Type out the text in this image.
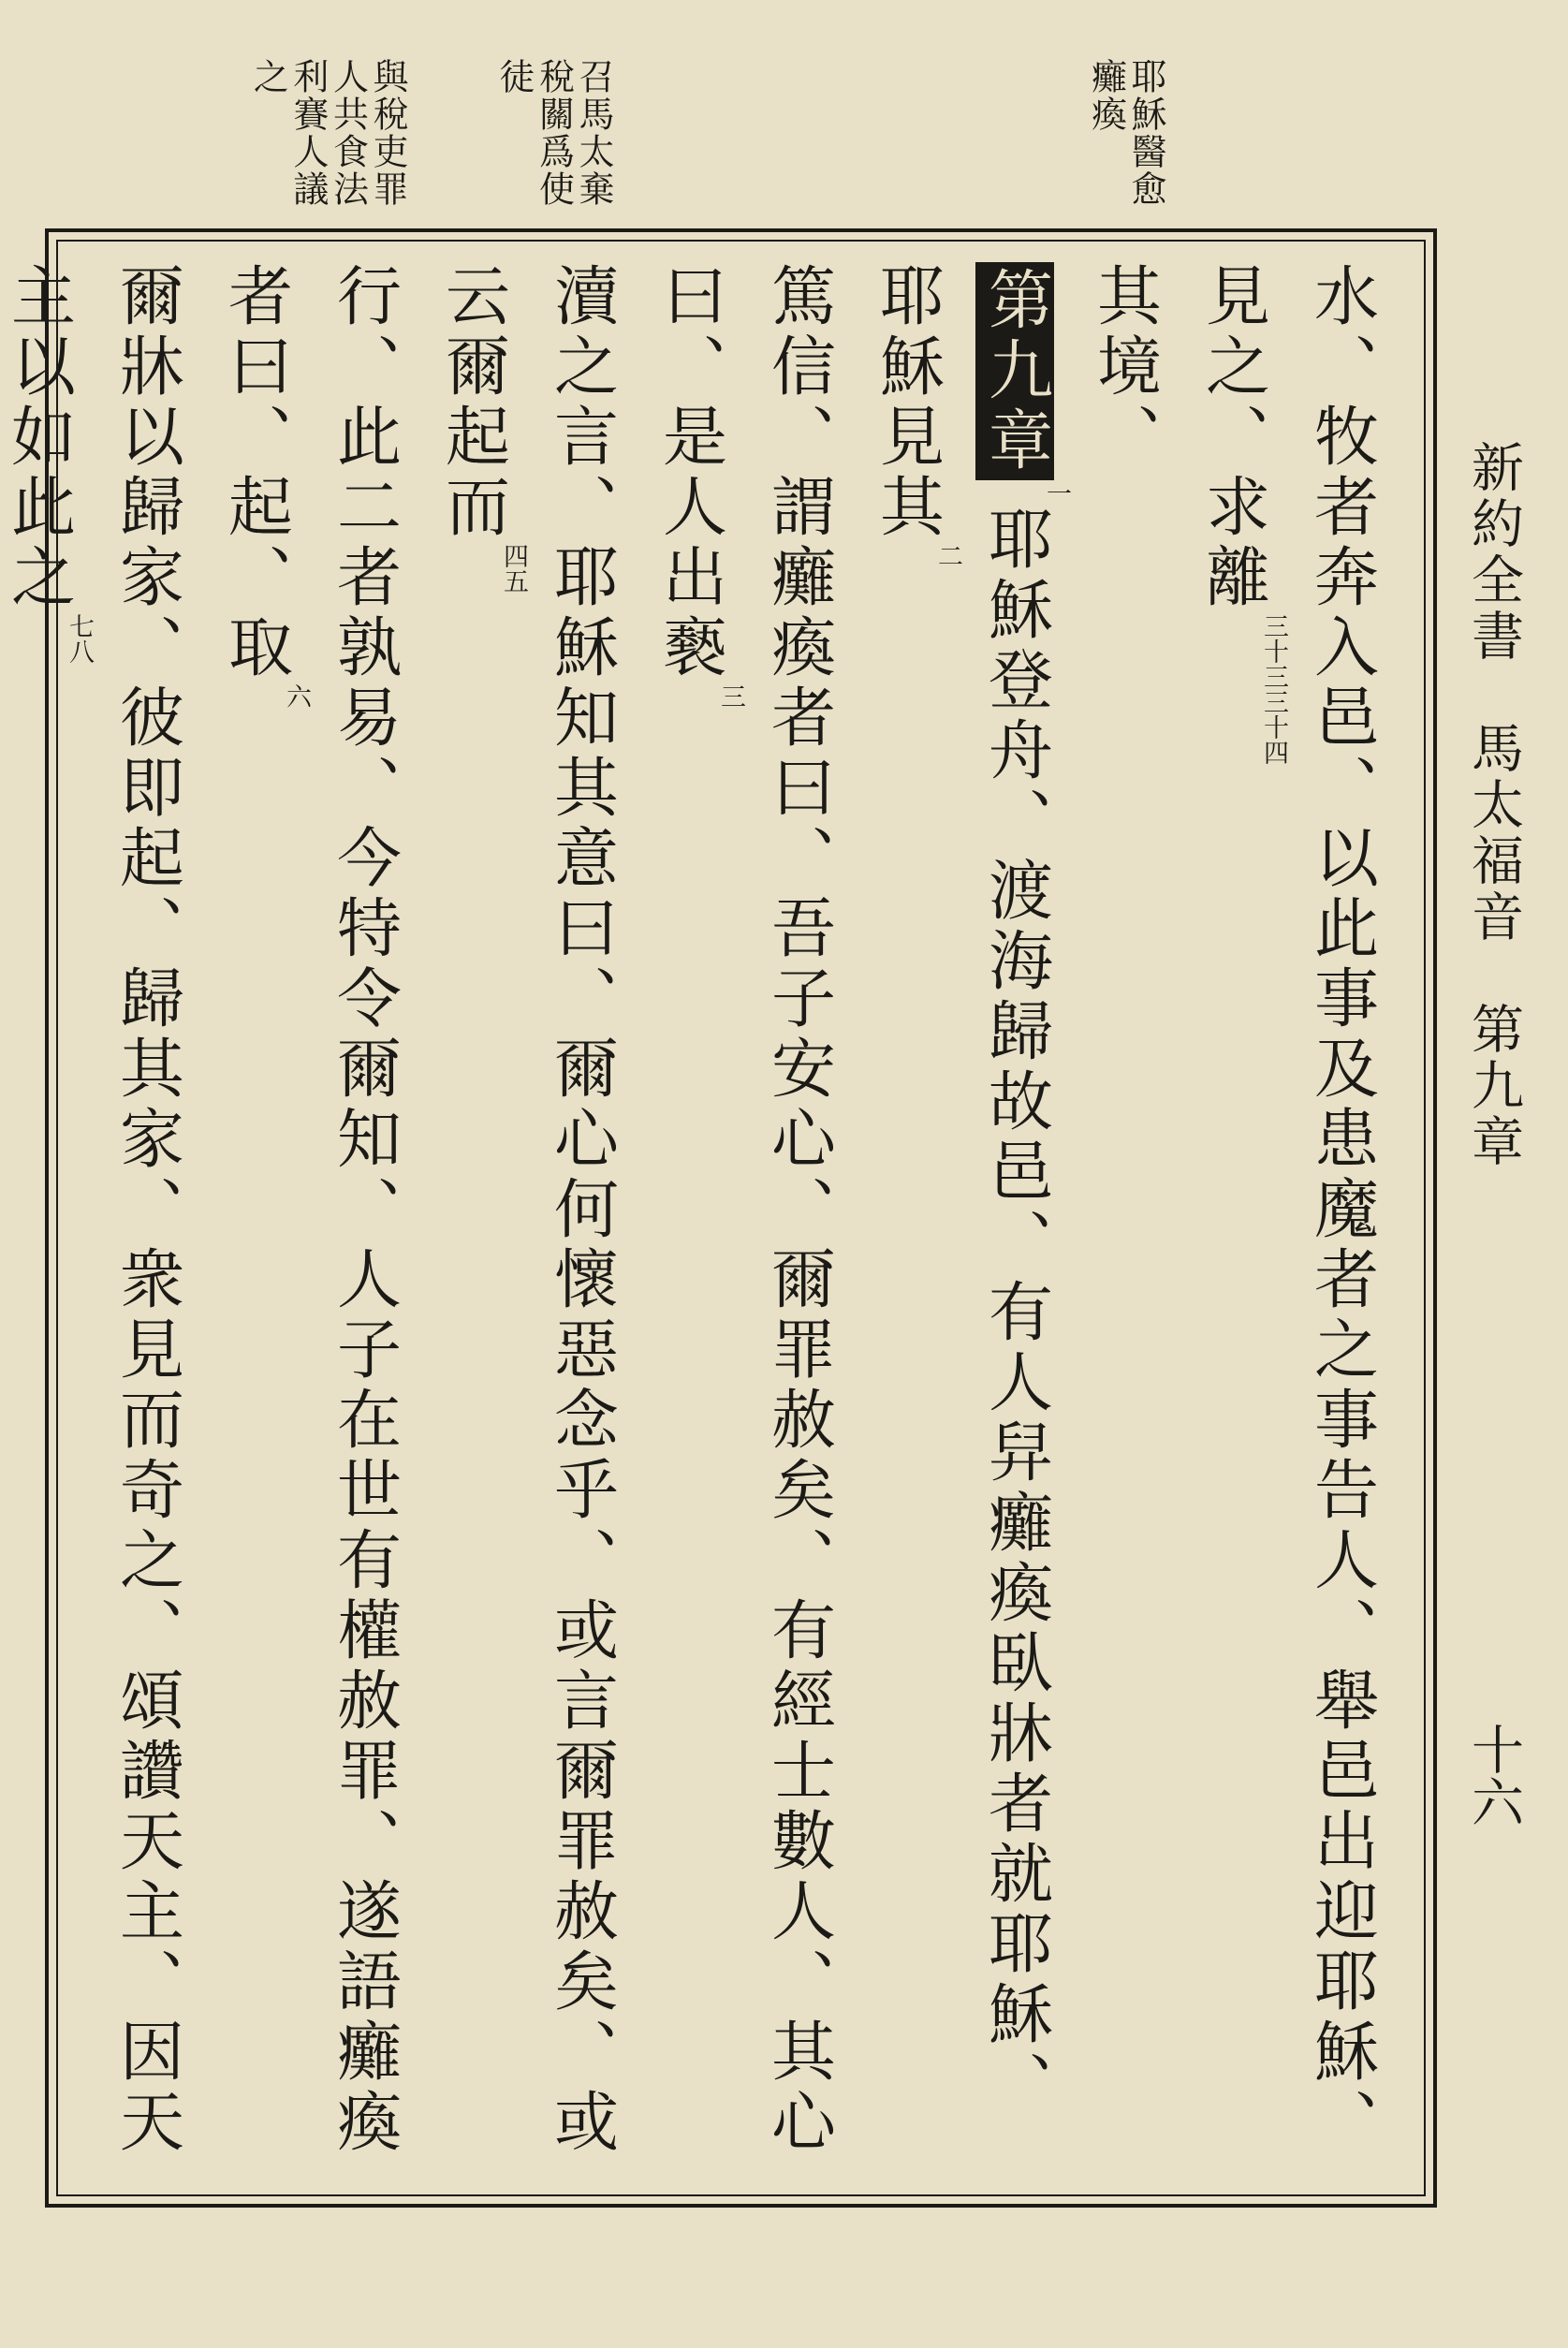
新約全書馬太福音第九章
十六
耶穌醫愈
癱瘓
召馬太棄
稅關爲使
徒
與稅吏罪
人共食法
利賽人議
之
水、牧者奔入邑、以此事及患魔者之事告人、舉邑出迎耶穌、見之、求離$^{三十三三十四}$
其境、
第九章$^一$耶穌登舟、渡海歸故邑、有人舁癱瘓臥牀者就耶穌、耶穌見其$^二$
篤信、謂癱瘓者曰、吾子安心、爾罪赦矣、有經士數人、其心曰、是人出褻$^三$
瀆之言、耶穌知其意曰、爾心何懷惡念乎、或言爾罪赦矣、或云爾起而$^{四五}$
行、此二者孰易、今特令爾知、人子在世有權赦罪、遂語癱瘓者曰、起、取$^六$
爾牀以歸家、彼即起、歸其家、衆見而奇之、頌讚天主、因天主以如此之$^{七八}$
